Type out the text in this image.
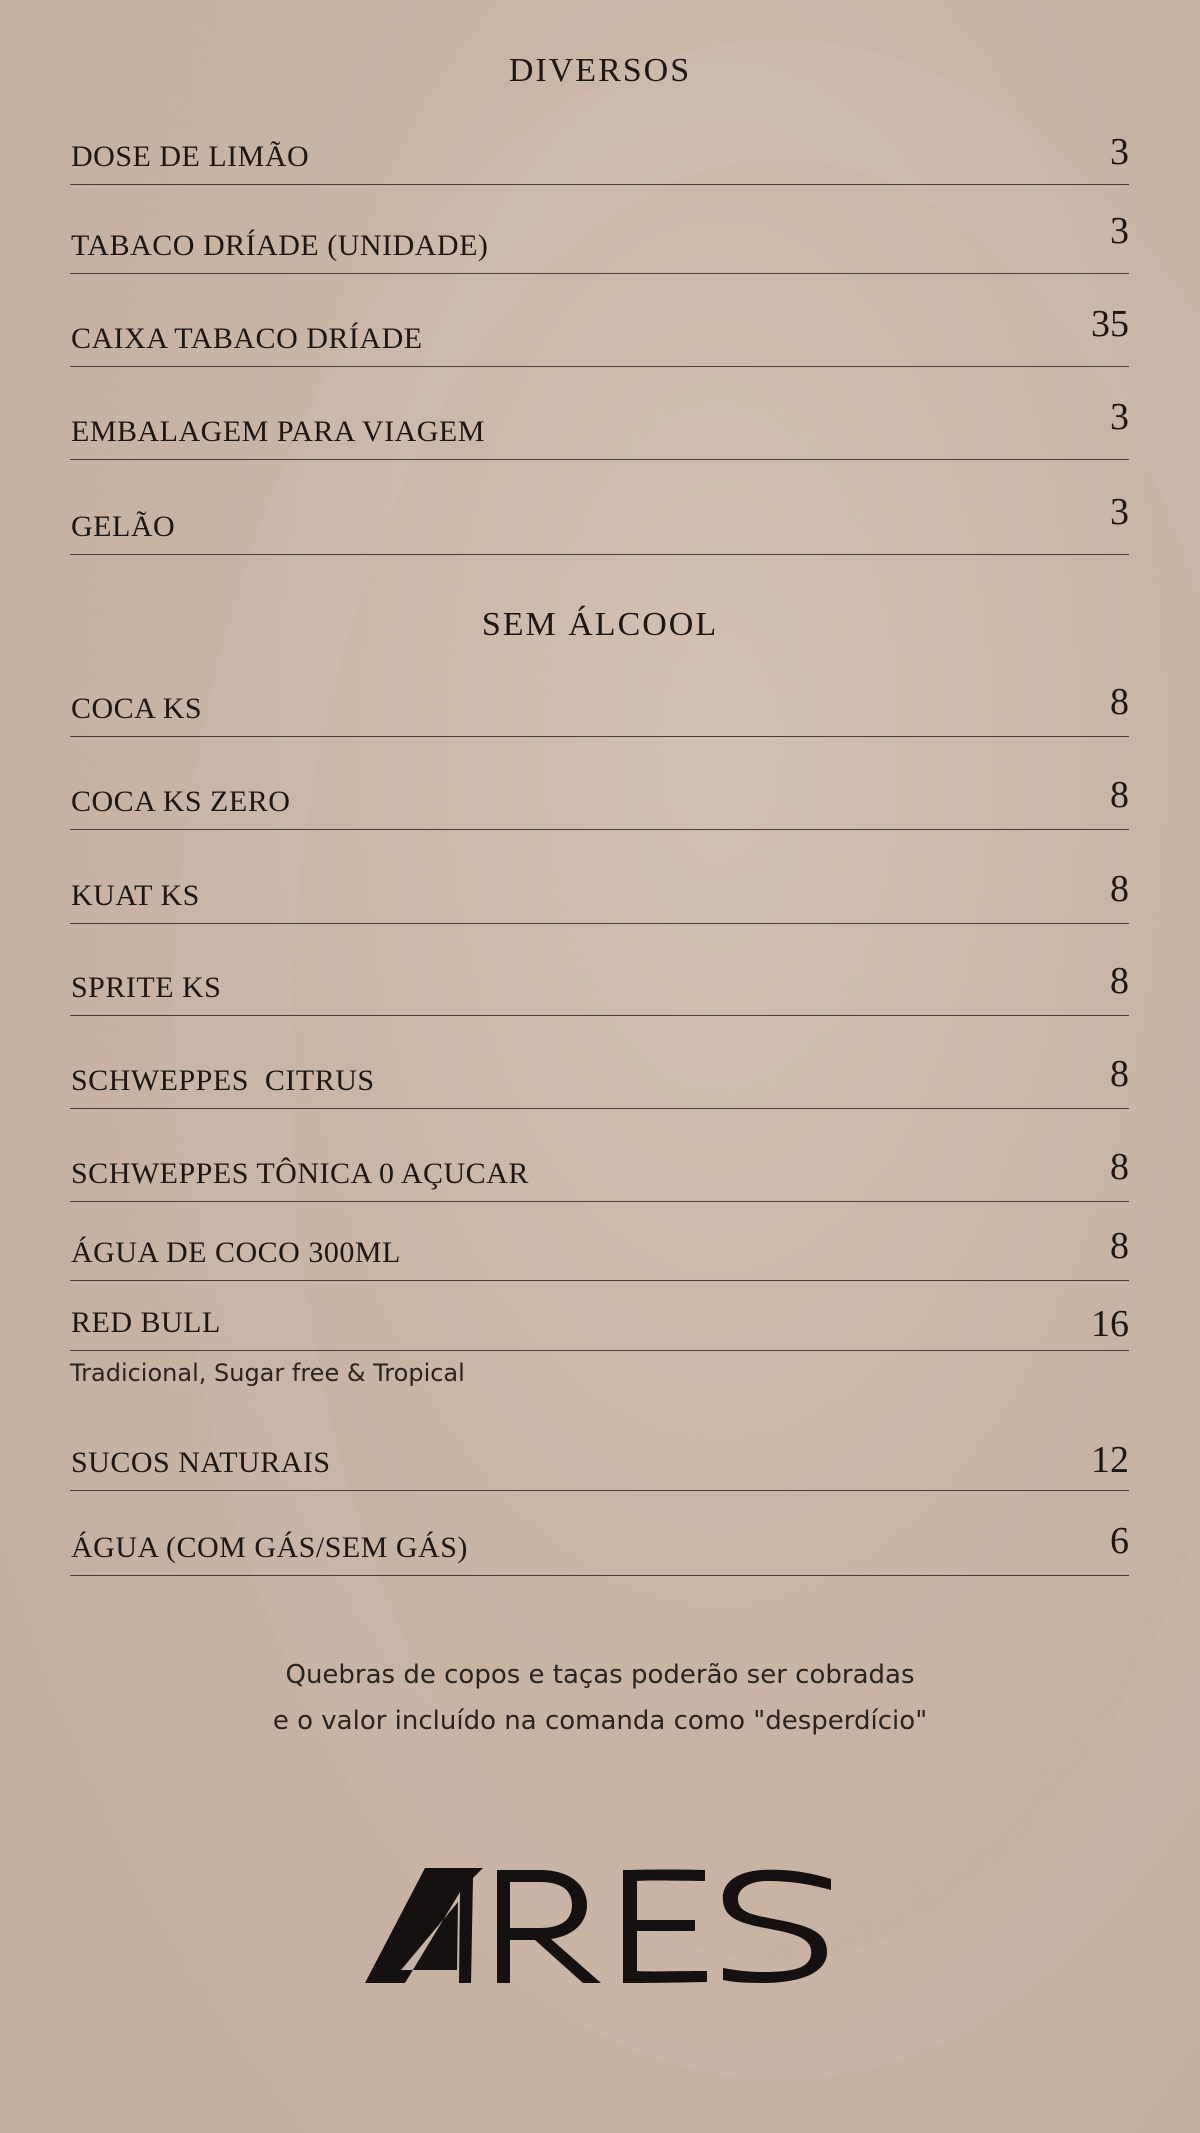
DIVERSOS
DOSE DE LIMÃO	3
TABACO DRÍADE (UNIDADE)	3
CAIXA TABACO DRÍADE	35
EMBALAGEM PARA VIAGEM	3
GELÃO	3
SEM ÁLCOOL
COCA KS	8
COCA KS ZERO	8
KUAT KS	8
SPRITE KS	8
SCHWEPPES  CITRUS	8
SCHWEPPES TÔNICA 0 AÇUCAR	8
ÁGUA DE COCO 300ML	8
RED BULL	16
Tradicional, Sugar free & Tropical
SUCOS NATURAIS	12
ÁGUA (COM GÁS/SEM GÁS)	6
Quebras de copos e taças poderão ser cobradas
e o valor incluído na comanda como "desperdício"
